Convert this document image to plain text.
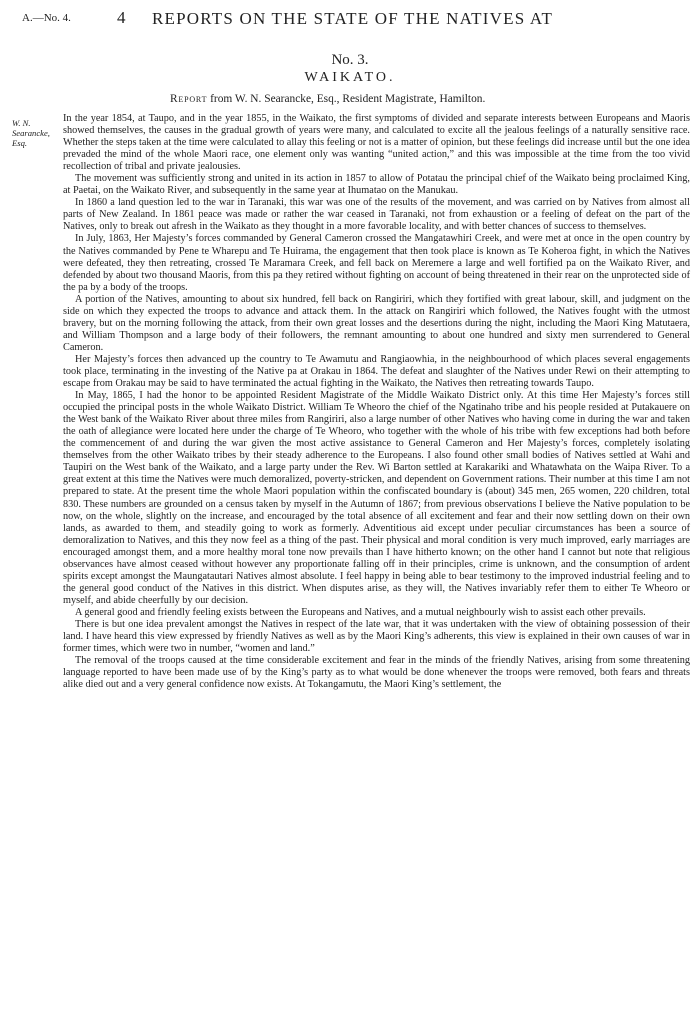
A.—No. 4.	4 REPORTS ON THE STATE OF THE NATIVES AT
No. 3.
WAIKATO.
Report from W. N. Searancke, Esq., Resident Magistrate, Hamilton.
W. N. Searancke, Esq.

In the year 1854, at Taupo, and in the year 1855, in the Waikato, the first symptoms of divided and separate interests between Europeans and Maoris showed themselves, the causes in the gradual growth of years were many, and calculated to excite all the jealous feelings of a naturally sensitive race. Whether the steps taken at the time were calculated to allay this feeling or not is a matter of opinion, but these feelings did increase until but the one idea prevaded the mind of the whole Maori race, one element only was wanting “united action,” and this was impossible at the time from the too vivid recollection of tribal and private jealousies.

The movement was sufficiently strong and united in its action in 1857 to allow of Potatau the principal chief of the Waikato being proclaimed King, at Paetai, on the Waikato River, and subsequently in the same year at Ihumatao on the Manukau.

In 1860 a land question led to the war in Taranaki, this war was one of the results of the movement, and was carried on by Natives from almost all parts of New Zealand. In 1861 peace was made or rather the war ceased in Taranaki, not from exhaustion or a feeling of defeat on the part of the Natives, only to break out afresh in the Waikato as they thought in a more favorable locality, and with better chances of success to themselves.

In July, 1863, Her Majesty’s forces commanded by General Cameron crossed the Mangatawhiri Creek, and were met at once in the open country by the Natives commanded by Pene te Wharepu and Te Huirama, the engagement that then took place is known as Te Koheroa fight, in which the Natives were defeated, they then retreating, crossed Te Maramara Creek, and fell back on Meremere a large and well fortified pa on the Waikato River, and defended by about two thousand Maoris, from this pa they retired without fighting on account of being threatened in their rear on the unprotected side of the pa by a body of the troops.

A portion of the Natives, amounting to about six hundred, fell back on Rangiriri, which they fortified with great labour, skill, and judgment on the side on which they expected the troops to advance and attack them. In the attack on Rangiriri which followed, the Natives fought with the utmost bravery, but on the morning following the attack, from their own great losses and the desertions during the night, including the Maori King Matutaera, and William Thompson and a large body of their followers, the remnant amounting to about one hundred and sixty men surrendered to General Cameron.

Her Majesty’s forces then advanced up the country to Te Awamutu and Rangiaowhia, in the neighbourhood of which places several engagements took place, terminating in the investing of the Native pa at Orakau in 1864. The defeat and slaughter of the Natives under Rewi on their attempting to escape from Orakau may be said to have terminated the actual fighting in the Waikato, the Natives then retreating towards Taupo.

In May, 1865, I had the honor to be appointed Resident Magistrate of the Middle Waikato District only. At this time Her Majesty’s forces still occupied the principal posts in the whole Waikato District. William Te Wheoro the chief of the Ngatinaho tribe and his people resided at Putakauere on the West bank of the Waikato River about three miles from Rangiriri, also a large number of other Natives who having come in during the war and taken the oath of allegiance were located here under the charge of Te Wheoro, who together with the whole of his tribe with few exceptions had both before the commencement of and during the war given the most active assistance to General Cameron and Her Majesty’s forces, completely isolating themselves from the other Waikato tribes by their steady adherence to the Europeans. I also found other small bodies of Natives settled at Wahi and Taupiri on the West bank of the Waikato, and a large party under the Rev. Wi Barton settled at Karakariki and Whatawhata on the Waipa River. To a great extent at this time the Natives were much demoralized, poverty-stricken, and dependent on Government rations. Their number at this time I am not prepared to state. At the present time the whole Maori population within the confiscated boundary is (about) 345 men, 265 women, 220 children, total 830. These numbers are grounded on a census taken by myself in the Autumn of 1867; from previous observations I believe the Native population to be now, on the whole, slightly on the increase, and encouraged by the total absence of all excitement and fear and their now settling down on their own lands, as awarded to them, and steadily going to work as formerly. Adventitious aid except under peculiar circumstances has been a source of demoralization to Natives, and this they now feel as a thing of the past. Their physical and moral condition is very much improved, early marriages are encouraged amongst them, and a more healthy moral tone now prevails than I have hitherto known; on the other hand I cannot but note that religious observances have almost ceased without however any proportionate falling off in their principles, crime is unknown, and the consumption of ardent spirits except amongst the Maungatautari Natives almost absolute. I feel happy in being able to bear testimony to the improved industrial feeling and to the general good conduct of the Natives in this district. When disputes arise, as they will, the Natives invariably refer them to either Te Wheoro or myself, and abide cheerfully by our decision.

A general good and friendly feeling exists between the Europeans and Natives, and a mutual neighbourly wish to assist each other prevails.

There is but one idea prevalent amongst the Natives in respect of the late war, that it was undertaken with the view of obtaining possession of their land. I have heard this view expressed by friendly Natives as well as by the Maori King’s adherents, this view is explained in their own causes of war in former times, which were two in number, “women and land.”

The removal of the troops caused at the time considerable excitement and fear in the minds of the friendly Natives, arising from some threatening language reported to have been made use of by the King’s party as to what would be done whenever the troops were removed, both fears and threats alike died out and a very general confidence now exists. At Tokangamutu, the Maori King’s settlement, the
